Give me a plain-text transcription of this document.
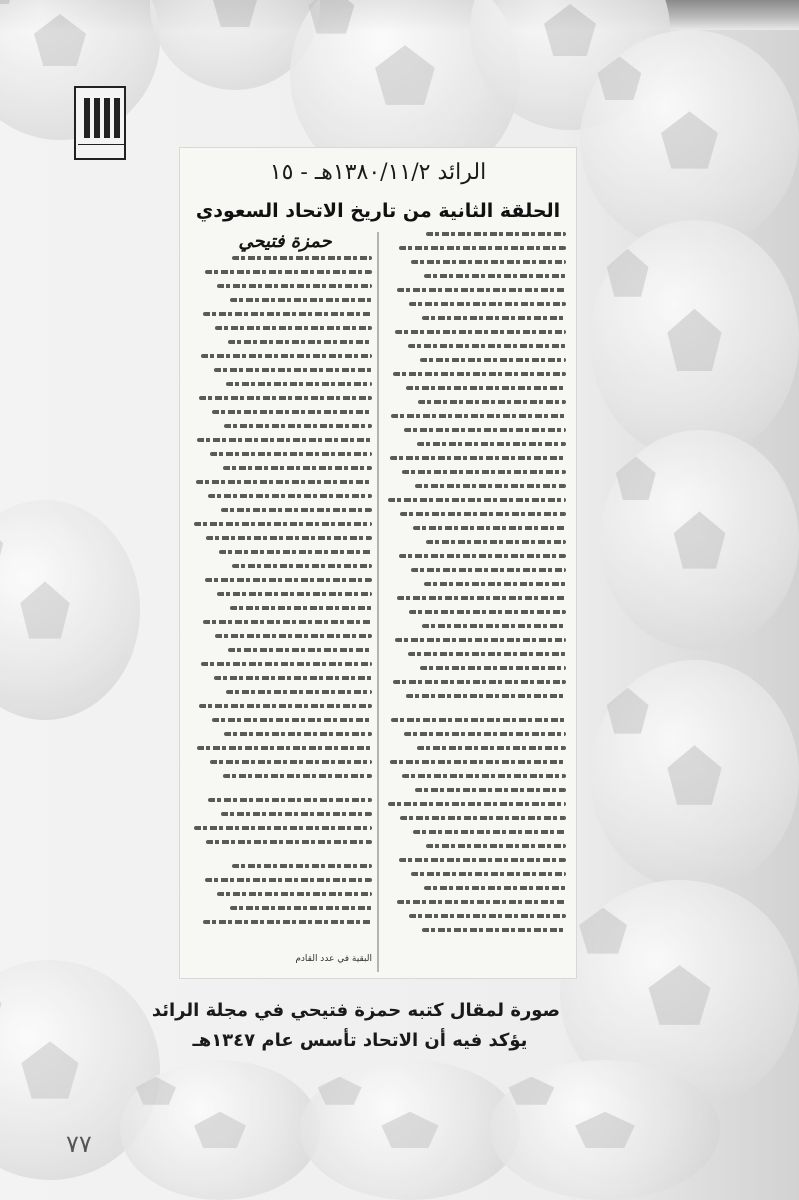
الرائد ١٣٨٠/١١/٢هـ - ١٥
الحلقة الثانية من تاريخ الاتحاد السعودي
حمزة فتيحي
البقية في عدد القادم
صورة لمقال كتبه حمزة فتيحي في مجلة الرائد
يؤكد فيه أن الاتحاد تأسس عام ١٣٤٧هـ
٧٧
